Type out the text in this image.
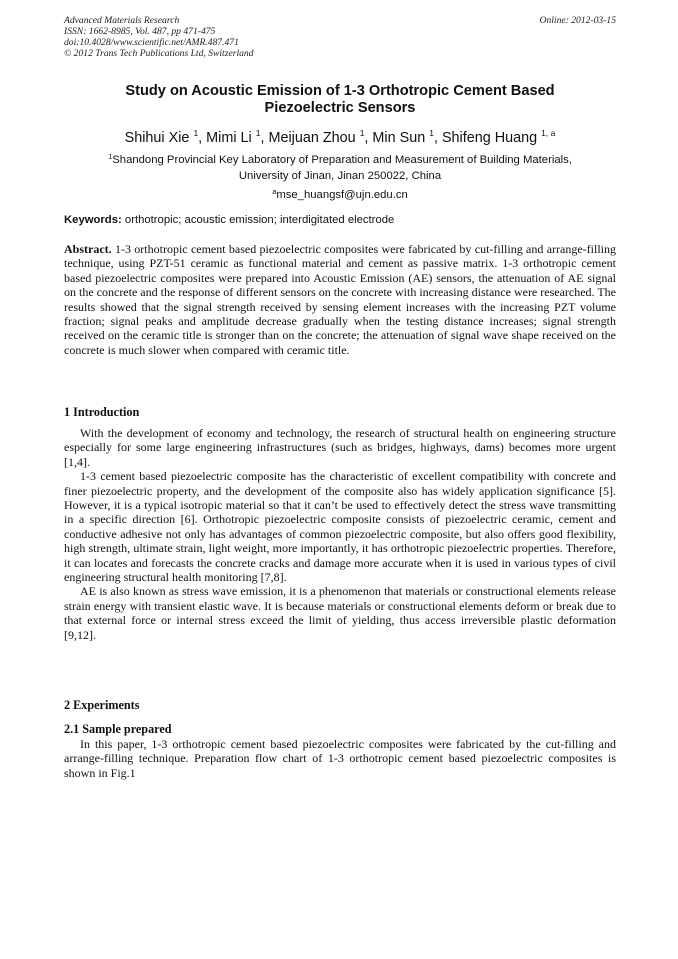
Advanced Materials Research
ISSN: 1662-8985, Vol. 487, pp 471-475
doi:10.4028/www.scientific.net/AMR.487.471
© 2012 Trans Tech Publications Ltd, Switzerland
Online: 2012-03-15
Study on Acoustic Emission of 1-3 Orthotropic Cement Based
Piezoelectric Sensors
Shihui Xie $^1$, Mimi Li $^1$, Meijuan Zhou $^1$, Min Sun $^1$, Shifeng Huang $^{1, a}$
$^1$Shandong Provincial Key Laboratory of Preparation and Measurement of Building Materials,
University of Jinan, Jinan 250022, China
$^a$mse_huangsf@ujn.edu.cn
Keywords: orthotropic; acoustic emission; interdigitated electrode
Abstract. 1-3 orthotropic cement based piezoelectric composites were fabricated by cut-filling and arrange-filling technique, using PZT-51 ceramic as functional material and cement as passive matrix. 1-3 orthotropic cement based piezoelectric composites were prepared into Acoustic Emission (AE) sensors, the attenuation of AE signal on the concrete and the response of different sensors on the concrete with increasing distance were researched. The results showed that the signal strength received by sensing element increases with the increasing PZT volume fraction; signal peaks and amplitude decrease gradually when the testing distance increases; signal strength received on the ceramic title is stronger than on the concrete; the attenuation of signal wave shape received on the concrete is much slower when compared with ceramic title.
1 Introduction

With the development of economy and technology, the research of structural health on engineering structure especially for some large engineering infrastructures (such as bridges, highways, dams) becomes more urgent [1,4].

1-3 cement based piezoelectric composite has the characteristic of excellent compatibility with concrete and finer piezoelectric property, and the development of the composite also has widely application significance [5]. However, it is a typical isotropic material so that it can’t be used to effectively detect the stress wave transmitting in a specific direction [6]. Orthotropic piezoelectric composite consists of piezoelectric ceramic, cement and conductive adhesive not only has advantages of common piezoelectric composite, but also offers good flexibility, high strength, ultimate strain, light weight, more importantly, it has orthotropic piezoelectric properties. Therefore, it can locates and forecasts the concrete cracks and damage more accurate when it is used in various types of civil engineering structural health monitoring [7,8].

AE is also known as stress wave emission, it is a phenomenon that materials or constructional elements release strain energy with transient elastic wave. It is because materials or constructional elements deform or break due to that external force or internal stress exceed the limit of yielding, thus access irreversible plastic deformation [9,12].

2 Experiments
2.1 Sample prepared

In this paper, 1-3 orthotropic cement based piezoelectric composites were fabricated by the cut-filling and arrange-filling technique. Preparation flow chart of 1-3 orthotropic cement based piezoelectric composites is shown in Fig.1
